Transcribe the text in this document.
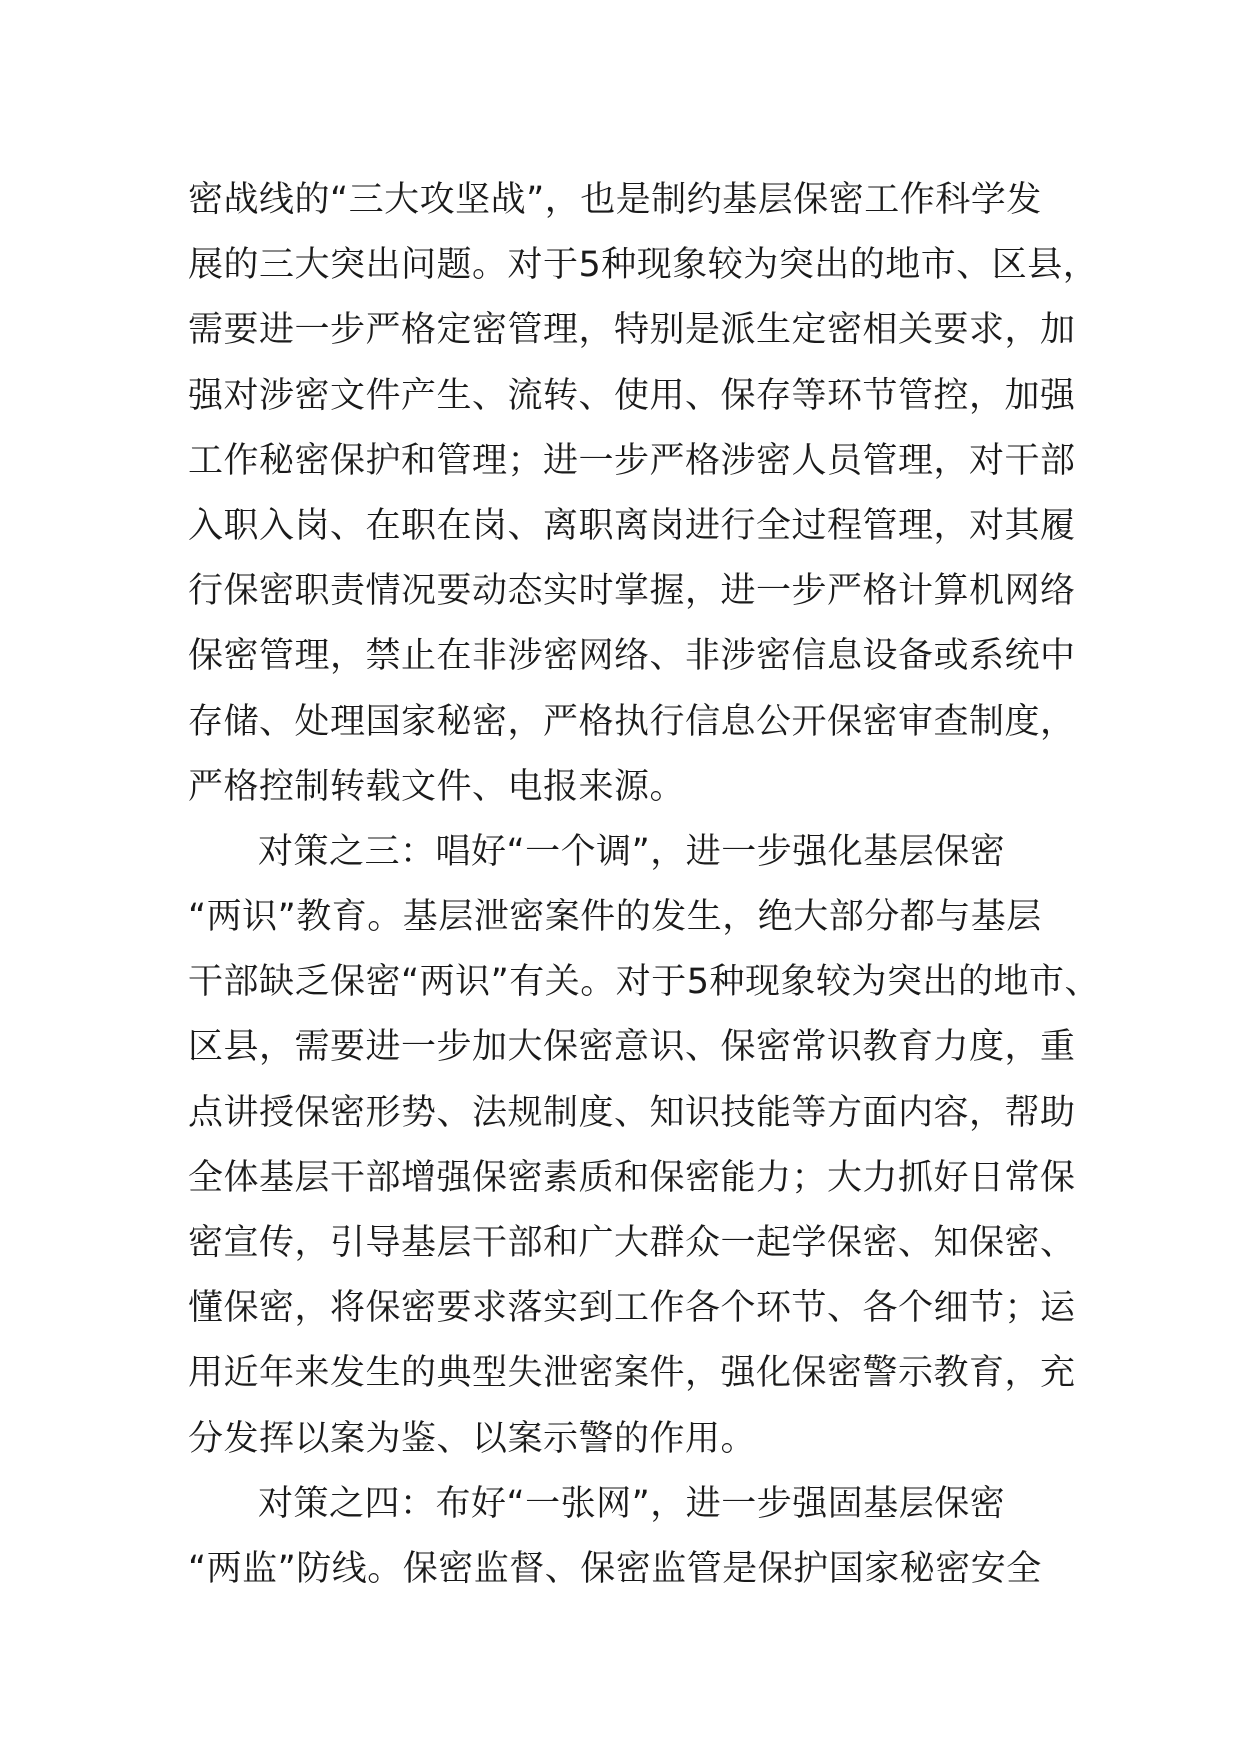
密战线的“三大攻坚战”，也是制约基层保密工作科学发
展的三大突出问题。对于5种现象较为突出的地市、区县，
需要进一步严格定密管理，特别是派生定密相关要求，加
强对涉密文件产生、流转、使用、保存等环节管控，加强
工作秘密保护和管理；进一步严格涉密人员管理，对干部
入职入岗、在职在岗、离职离岗进行全过程管理，对其履
行保密职责情况要动态实时掌握，进一步严格计算机网络
保密管理，禁止在非涉密网络、非涉密信息设备或系统中
存储、处理国家秘密，严格执行信息公开保密审查制度，
严格控制转载文件、电报来源。
对策之三：唱好“一个调”，进一步强化基层保密
“两识”教育。基层泄密案件的发生，绝大部分都与基层
干部缺乏保密“两识”有关。对于5种现象较为突出的地市、
区县，需要进一步加大保密意识、保密常识教育力度，重
点讲授保密形势、法规制度、知识技能等方面内容，帮助
全体基层干部增强保密素质和保密能力；大力抓好日常保
密宣传，引导基层干部和广大群众一起学保密、知保密、
懂保密，将保密要求落实到工作各个环节、各个细节；运
用近年来发生的典型失泄密案件，强化保密警示教育，充
分发挥以案为鉴、以案示警的作用。
对策之四：布好“一张网”，进一步强固基层保密
“两监”防线。保密监督、保密监管是保护国家秘密安全
